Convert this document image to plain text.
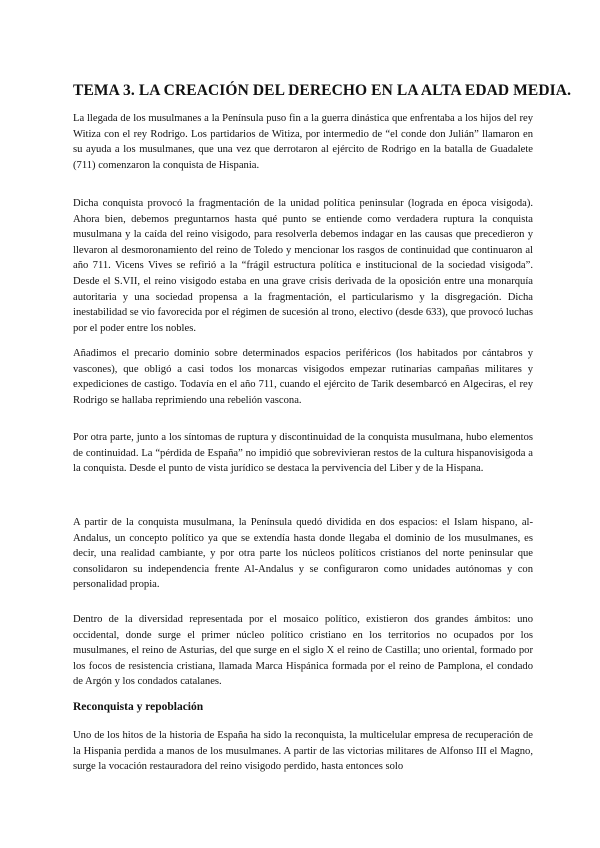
TEMA 3. LA CREACIÓN DEL DERECHO EN LA ALTA EDAD MEDIA.

La llegada de los musulmanes a la Península puso fin a la guerra dinástica que enfrentaba a los hijos del rey Witiza con el rey Rodrigo. Los partidarios de Witiza, por intermedio de “el conde don Julián” llamaron en su ayuda a los musulmanes, que una vez que derrotaron al ejército de Rodrigo en la batalla de Guadalete (711) comenzaron la conquista de Hispania.

Dicha conquista provocó la fragmentación de la unidad política peninsular (lograda en época visigoda). Ahora bien, debemos preguntarnos hasta qué punto se entiende como verdadera ruptura la conquista musulmana y la caída del reino visigodo, para resolverla debemos indagar en las causas que precedieron y llevaron al desmoronamiento del reino de Toledo y mencionar los rasgos de continuidad que continuaron al año 711. Vicens Vives se refirió a la “frágil estructura política e institucional de la sociedad visigoda”. Desde el S.VII, el reino visigodo estaba en una grave crisis derivada de la oposición entre una monarquía autoritaria y una sociedad propensa a la fragmentación, el particularismo y la disgregación. Dicha inestabilidad se vio favorecida por el régimen de sucesión al trono, electivo (desde 633), que provocó luchas por el poder entre los nobles.

Añadimos el precario dominio sobre determinados espacios periféricos (los habitados por cántabros y vascones), que obligó a casi todos los monarcas visigodos empezar rutinarias campañas militares y expediciones de castigo. Todavía en el año 711, cuando el ejército de Tarik desembarcó en Algeciras, el rey Rodrigo se hallaba reprimiendo una rebelión vascona.

Por otra parte, junto a los síntomas de ruptura y discontinuidad de la conquista musulmana, hubo elementos de continuidad. La “pérdida de España” no impidió que sobrevivieran restos de la cultura hispanovisigoda a la conquista. Desde el punto de vista jurídico se destaca la pervivencia del Liber y de la Hispana.

A partir de la conquista musulmana, la Península quedó dividida en dos espacios: el Islam hispano, al-Andalus, un concepto político ya que se extendía hasta donde llegaba el dominio de los musulmanes, es decir, una realidad cambiante, y por otra parte los núcleos políticos cristianos del norte peninsular que consolidaron su independencia frente Al-Andalus y se configuraron como unidades autónomas y con personalidad propia.

Dentro de la diversidad representada por el mosaico político, existieron dos grandes ámbitos: uno occidental, donde surge el primer núcleo político cristiano en los territorios no ocupados por los musulmanes, el reino de Asturias, del que surge en el siglo X el reino de Castilla; uno oriental, formado por los focos de resistencia cristiana, llamada Marca Hispánica formada por el reino de Pamplona, el condado de Argón y los condados catalanes.

Reconquista y repoblación

Uno de los hitos de la historia de España ha sido la reconquista, la multicelular empresa de recuperación de la Hispania perdida a manos de los musulmanes. A partir de las victorias militares de Alfonso III el Magno, surge la vocación restauradora del reino visigodo perdido, hasta entonces solo
